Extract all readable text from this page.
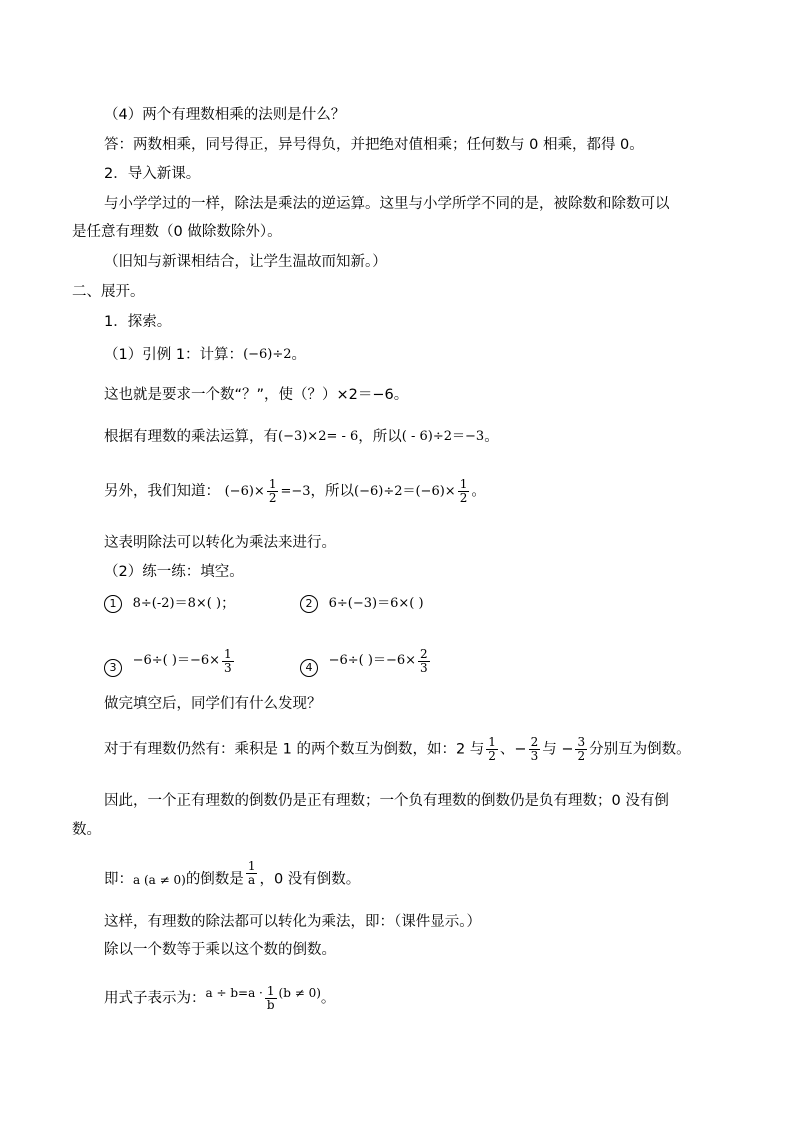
（4）两个有理数相乘的法则是什么？
答：两数相乘，同号得正，异号得负，并把绝对值相乘；任何数与 0 相乘，都得 0。
2．导入新课。
与小学学过的一样，除法是乘法的逆运算。这里与小学所学不同的是，被除数和除数可以
是任意有理数（0 做除数除外）。
（旧知与新课相结合，让学生温故而知新。）
二、展开。
1．探索。
（1）引例 1：计算：(−6)÷2。
这也就是要求一个数“？”，使（？）×2＝−6。
根据有理数的乘法运算，有(−3)×2= - 6，所以( - 6)÷2＝−3。
另外，我们知道： $(-6)\times \frac{1}{2} =-3$，所以$(-6)\div 2=(-6)\times \frac{1}{2}$ 。
这表明除法可以转化为乘法来进行。
（2）练一练：填空。
1 8÷(-2)＝8×( )；	2 6÷(−3)＝6×( )
3 −6÷( )$=-6\times \frac{1}{3}$	4 −6÷( )$=-6\times \frac{2}{3}$
做完填空后，同学们有什么发现？
对于有理数仍然有：乘积是 1 的两个数互为倒数，如：2 与 $\frac{1}{2}$ 、− $\frac{2}{3}$ 与 − $\frac{3}{2}$ 分别互为倒数。
因此，一个正有理数的倒数仍是正有理数；一个负有理数的倒数仍是负有理数；0 没有倒
数。
即：a (a ≠ 0)的倒数是 $\frac{1}{a}$ ，0 没有倒数。
这样，有理数的除法都可以转化为乘法，即：（课件显示。）
除以一个数等于乘以这个数的倒数。
用式子表示为：$a \div b=a \cdot \frac{1}{b} (b \ne 0)$。
